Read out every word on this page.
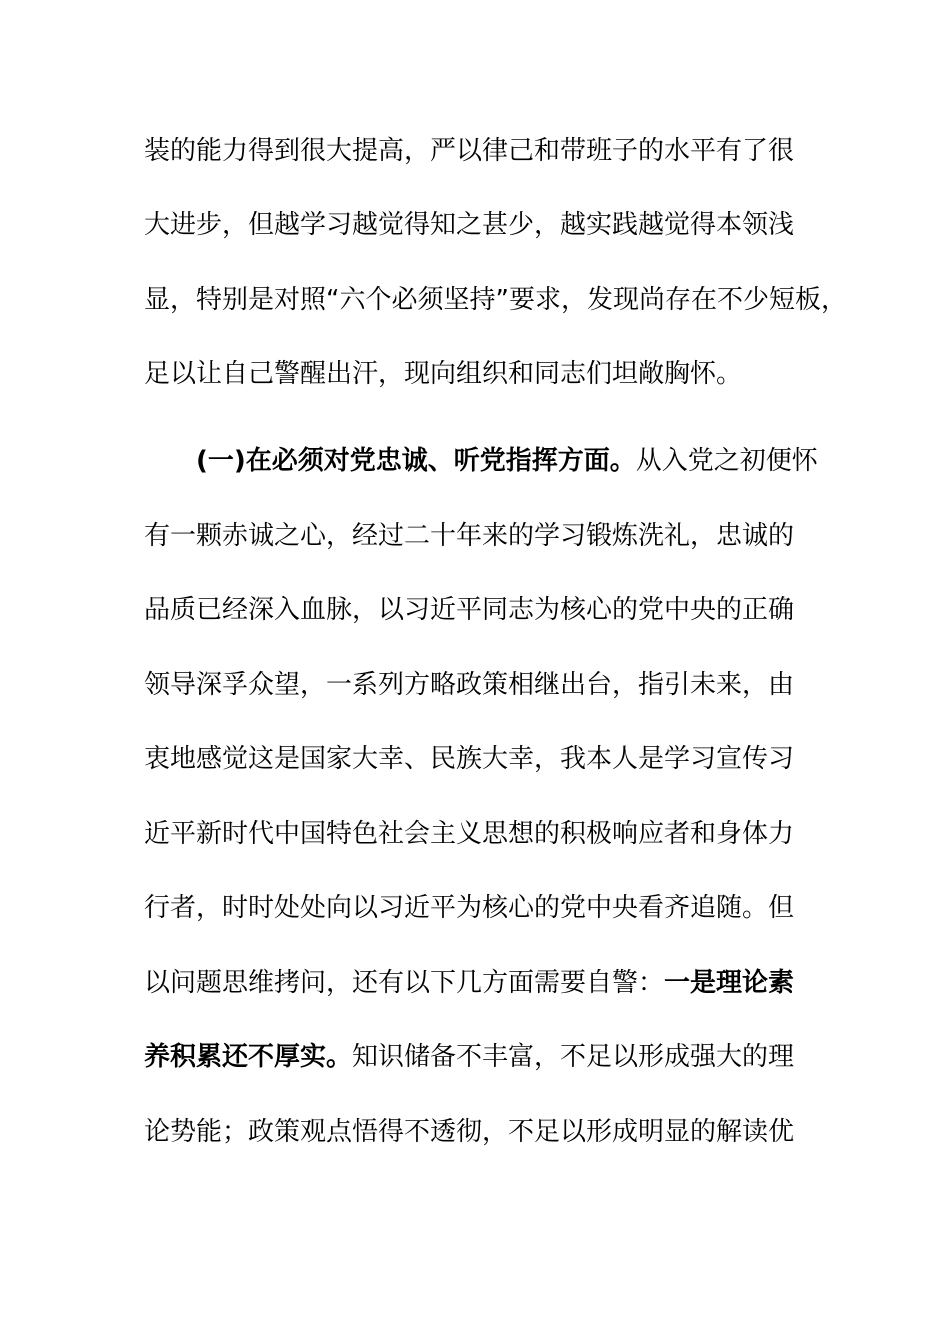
装的能力得到很大提高，严以律己和带班子的水平有了很
大进步，但越学习越觉得知之甚少，越实践越觉得本领浅
显，特别是对照“六个必须坚持”要求，发现尚存在不少短板，
足以让自己警醒出汗，现向组织和同志们坦敞胸怀。
(一)在必须对党忠诚、听党指挥方面。从入党之初便怀
有一颗赤诚之心，经过二十年来的学习锻炼洗礼，忠诚的
品质已经深入血脉，以习近平同志为核心的党中央的正确
领导深孚众望，一系列方略政策相继出台，指引未来，由
衷地感觉这是国家大幸、民族大幸，我本人是学习宣传习
近平新时代中国特色社会主义思想的积极响应者和身体力
行者，时时处处向以习近平为核心的党中央看齐追随。但
以问题思维拷问，还有以下几方面需要自警：一是理论素
养积累还不厚实。知识储备不丰富，不足以形成强大的理
论势能；政策观点悟得不透彻，不足以形成明显的解读优
